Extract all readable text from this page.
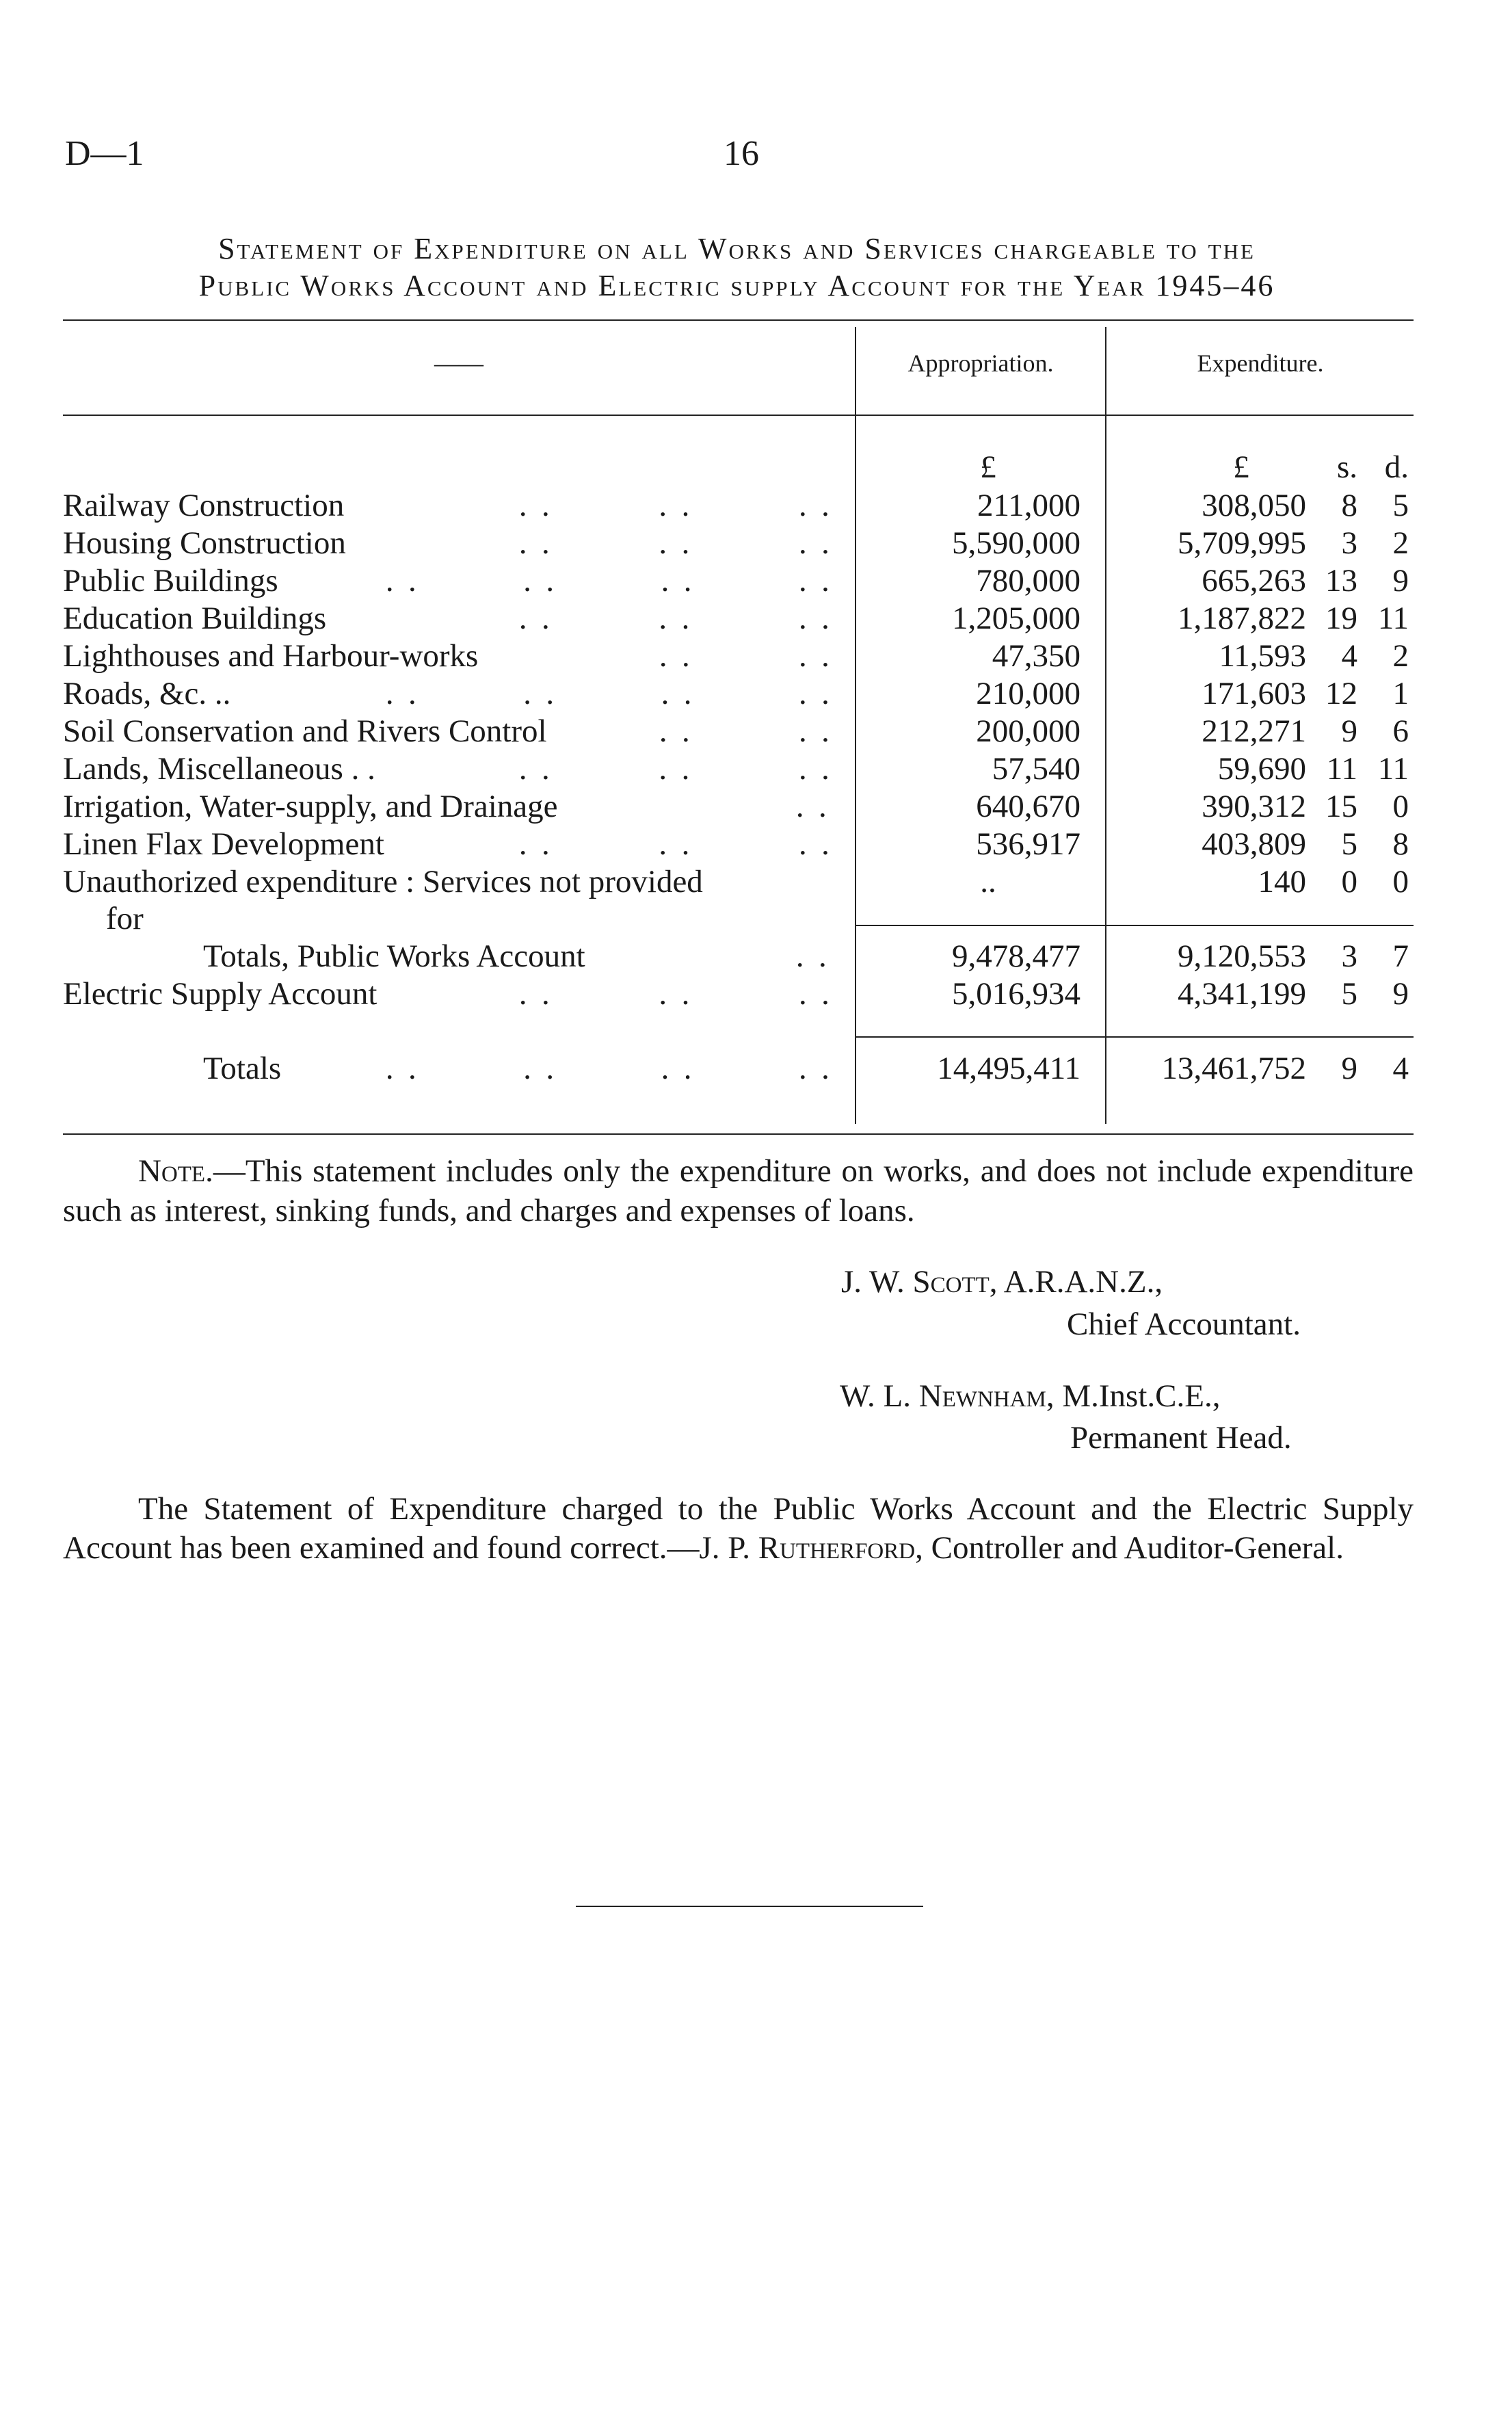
D—1	16
Statement of Expenditure on all Works and Services chargeable to the
Public Works Account and Electric supply Account for the Year 1945–46
——	Appropriation.	Expenditure.
£	£	s. d.
Railway Construction	. .	. .	. .	211,000	308,050	8	5
Housing Construction	. .	. .	. .	5,590,000	5,709,995	3	2
Public Buildings	. .	. .	. .	. .	780,000	665,263 13	9
Education Buildings	. .	. .	. .	1,205,000	1,187,822 19 11
Lighthouses and Harbour-works	. .	. .	47,350	11,593	4	2
Roads, &c. ..	. .	. .	. .	. .	210,000	171,603 12	1
Soil Conservation and Rivers Control	. .	. .	200,000	212,271	9	6
Lands, Miscellaneous . .	. .	. .	. .	57,540	59,690 11 11
Irrigation, Water-supply, and Drainage	. .	640,670	390,312 15	0
Linen Flax Development	. .	. .	. .	536,917	403,809	5	8
Unauthorized expenditure : Services not provided	..	140	0	0
for
Totals, Public Works Account	. .	9,478,477	9,120,553	3	7
Electric Supply Account	. .	. .	. .	5,016,934	4,341,199	5	9
Totals	. .	. .	. .	. .	14,495,411	13,461,752	9	4
Note.—This statement includes only the expenditure on works, and does not include expenditure such as interest, sinking funds, and charges and expenses of loans.
J. W. Scott, A.R.A.N.Z.,
Chief Accountant.
W. L. Newnham, M.Inst.C.E.,
Permanent Head.
The Statement of Expenditure charged to the Public Works Account and the Electric Supply Account has been examined and found correct.—J. P. Rutherford, Controller and Auditor-General.
